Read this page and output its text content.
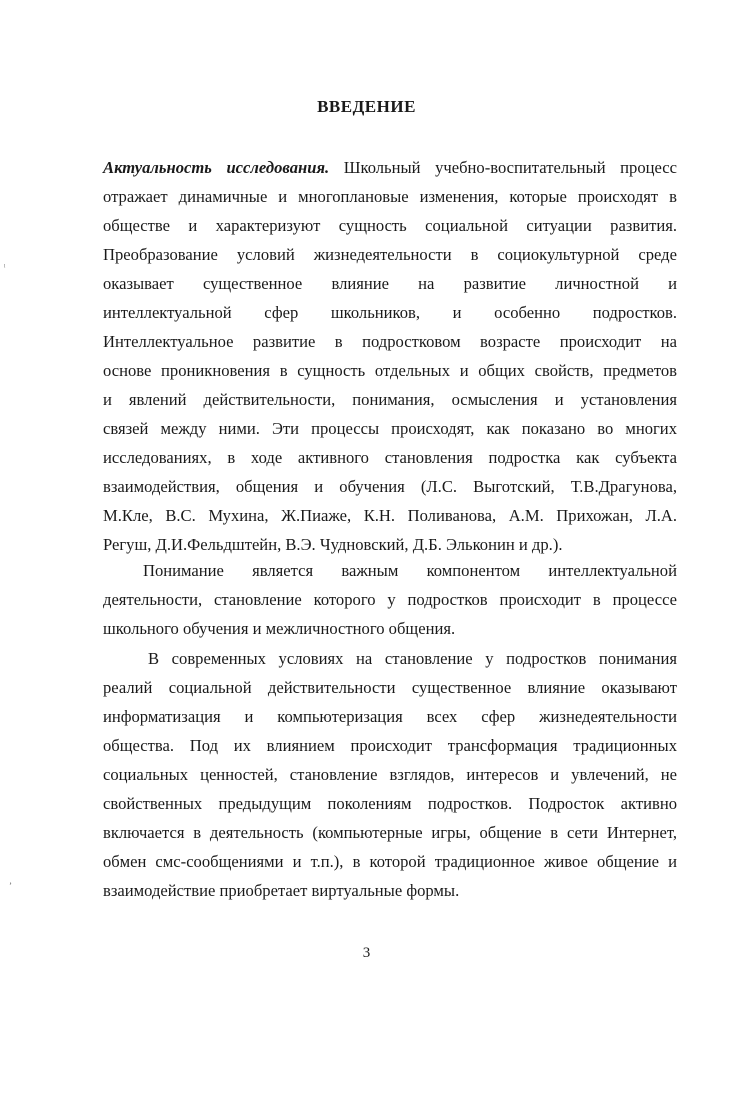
ВВЕДЕНИЕ
Актуальность исследования. Школьный учебно-воспитательный процесс
отражает динамичные и многоплановые изменения, которые происходят в
обществе и характеризуют сущность социальной ситуации развития.
Преобразование условий жизнедеятельности в социокультурной среде
оказывает существенное влияние на развитие личностной и
интеллектуальной сфер школьников, и особенно подростков.
Интеллектуальное развитие в подростковом возрасте происходит на
основе проникновения в сущность отдельных и общих свойств, предметов
и явлений действительности, понимания, осмысления и установления
связей между ними. Эти процессы происходят, как показано во многих
исследованиях, в ходе активного становления подростка как субъекта
взаимодействия, общения и обучения (Л.С. Выготский, Т.В.Драгунова,
М.Кле, В.С. Мухина, Ж.Пиаже, К.Н. Поливанова, А.М. Прихожан, Л.А.
Регуш, Д.И.Фельдштейн, В.Э. Чудновский, Д.Б. Эльконин и др.).
Понимание является важным компонентом интеллектуальной
деятельности, становление которого у подростков происходит в процессе
школьного обучения и межличностного общения.
В современных условиях на становление у подростков понимания
реалий социальной действительности существенное влияние оказывают
информатизация и компьютеризация всех сфер жизнедеятельности
общества. Под их влиянием происходит трансформация традиционных
социальных ценностей, становление взглядов, интересов и увлечений, не
свойственных предыдущим поколениям подростков. Подросток активно
включается в деятельность (компьютерные игры, общение в сети Интернет,
обмен смс-сообщениями и т.п.), в которой традиционное живое общение и
взаимодействие приобретает виртуальные формы.
3
ˡ
ʼ
